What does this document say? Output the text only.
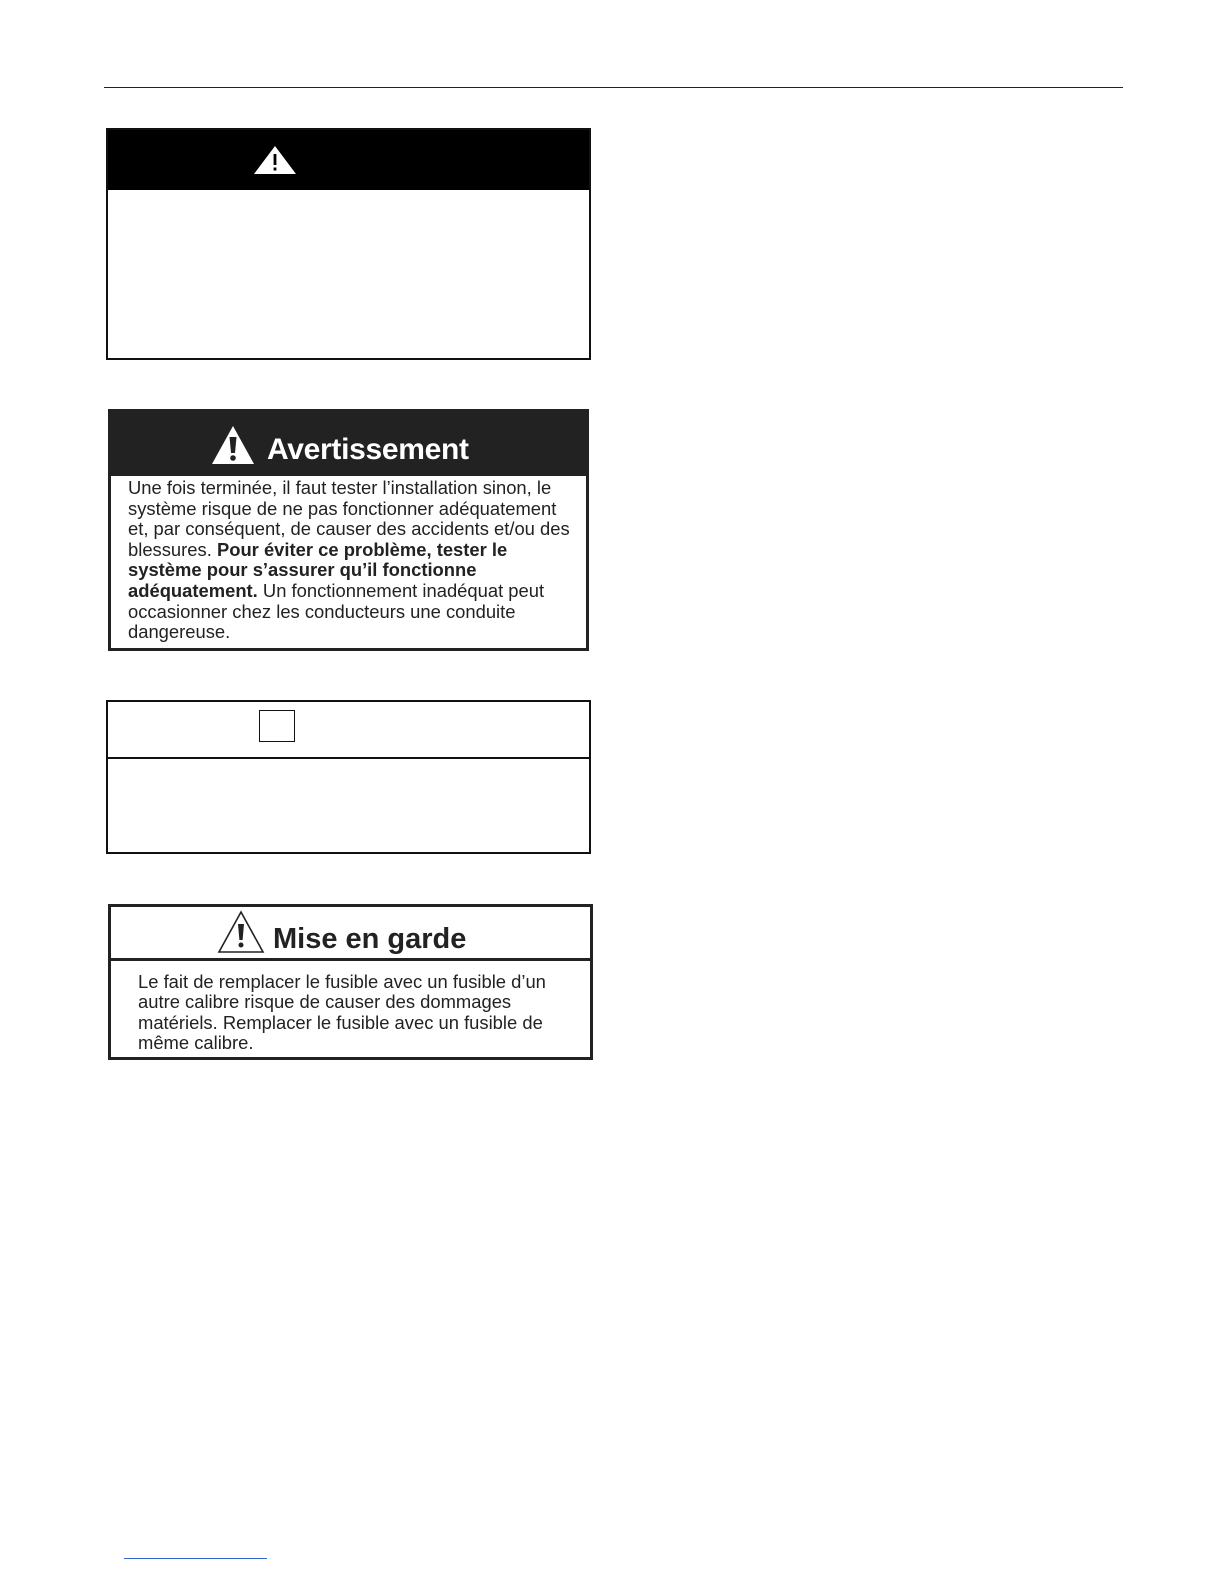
Avertissement
Une fois terminée, il faut tester l’installation sinon, le système risque de ne pas fonctionner adéquatement et, par conséquent, de causer des accidents et/ou des blessures. Pour éviter ce problème, tester le système pour s’assurer qu’il fonctionne adéquatement. Un fonctionnement inadéquat peut occasionner chez les conducteurs une conduite dangereuse.
Mise en garde
Le fait de remplacer le fusible avec un fusible d’un autre calibre risque de causer des dommages matériels. Remplacer le fusible avec un fusible de même calibre.
